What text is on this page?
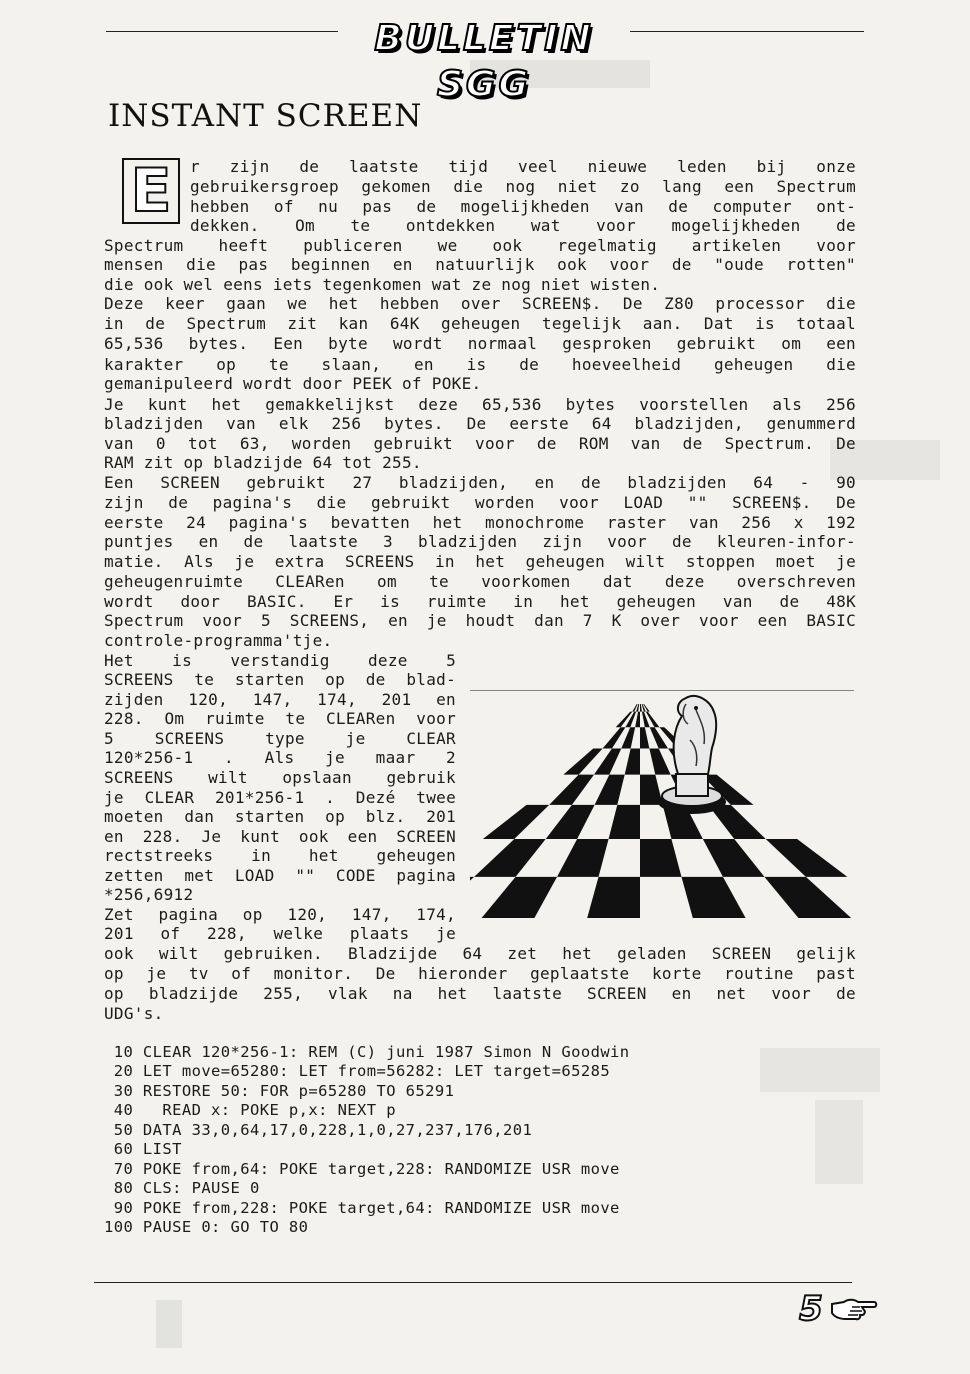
BULLETIN SGG
INSTANT SCREEN
E r zijn de laatste tijd veel nieuwe leden bij onze
gebruikersgroep gekomen die nog niet zo lang een Spectrum
hebben of nu pas de mogelijkheden van de computer ont-
dekken. Om te ontdekken wat voor mogelijkheden de
Spectrum heeft publiceren we ook regelmatig artikelen voor
mensen die pas beginnen en natuurlijk ook voor de "oude rotten"
die ook wel eens iets tegenkomen wat ze nog niet wisten.
Deze keer gaan we het hebben over SCREEN$. De Z80 processor die
in de Spectrum zit kan 64K geheugen tegelijk aan. Dat is totaal
65,536 bytes. Een byte wordt normaal gesproken gebruikt om een
karakter op te slaan, en is de hoeveelheid geheugen die
gemanipuleerd wordt door PEEK of POKE.
Je kunt het gemakkelijkst deze 65,536 bytes voorstellen als 256
bladzijden van elk 256 bytes. De eerste 64 bladzijden, genummerd
van 0 tot 63, worden gebruikt voor de ROM van de Spectrum. De
RAM zit op bladzijde 64 tot 255.
Een SCREEN gebruikt 27 bladzijden, en de bladzijden 64 - 90
zijn de pagina's die gebruikt worden voor LOAD "" SCREEN$. De
eerste 24 pagina's bevatten het monochrome raster van 256 x 192
puntjes en de laatste 3 bladzijden zijn voor de kleuren-infor-
matie. Als je extra SCREENS in het geheugen wilt stoppen moet je
geheugenruimte CLEARen om te voorkomen dat deze overschreven
wordt door BASIC. Er is ruimte in het geheugen van de 48K
Spectrum voor 5 SCREENS, en je houdt dan 7 K over voor een BASIC
controle-programma'tje.
Het is verstandig deze 5
SCREENS te starten op de blad-
zijden 120, 147, 174, 201 en
228. Om ruimte te CLEARen voor
5 SCREENS type je CLEAR
120*256-1 . Als je maar 2
SCREENS wilt opslaan gebruik
je CLEAR 201*256-1 . Dezé twee
moeten dan starten op blz. 201
en 228. Je kunt ook een SCREEN
rectstreeks in het geheugen
zetten met LOAD "" CODE pagina
*256,6912
Zet pagina op 120, 147, 174,
201 of 228, welke plaats je
ook wilt gebruiken. Bladzijde 64 zet het geladen SCREEN gelijk
op je tv of monitor. De hieronder geplaatste korte routine past
op bladzijde 255, vlak na het laatste SCREEN en net voor de
UDG's.
10 CLEAR 120*256-1: REM (C) juni 1987 Simon N Goodwin
20 LET move=65280: LET from=56282: LET target=65285
30 RESTORE 50: FOR p=65280 TO 65291
40   READ x: POKE p,x: NEXT p
50 DATA 33,0,64,17,0,228,1,0,27,237,176,201
60 LIST
70 POKE from,64: POKE target,228: RANDOMIZE USR move
80 CLS: PAUSE 0
90 POKE from,228: POKE target,64: RANDOMIZE USR move
100 PAUSE 0: GO TO 80
5
